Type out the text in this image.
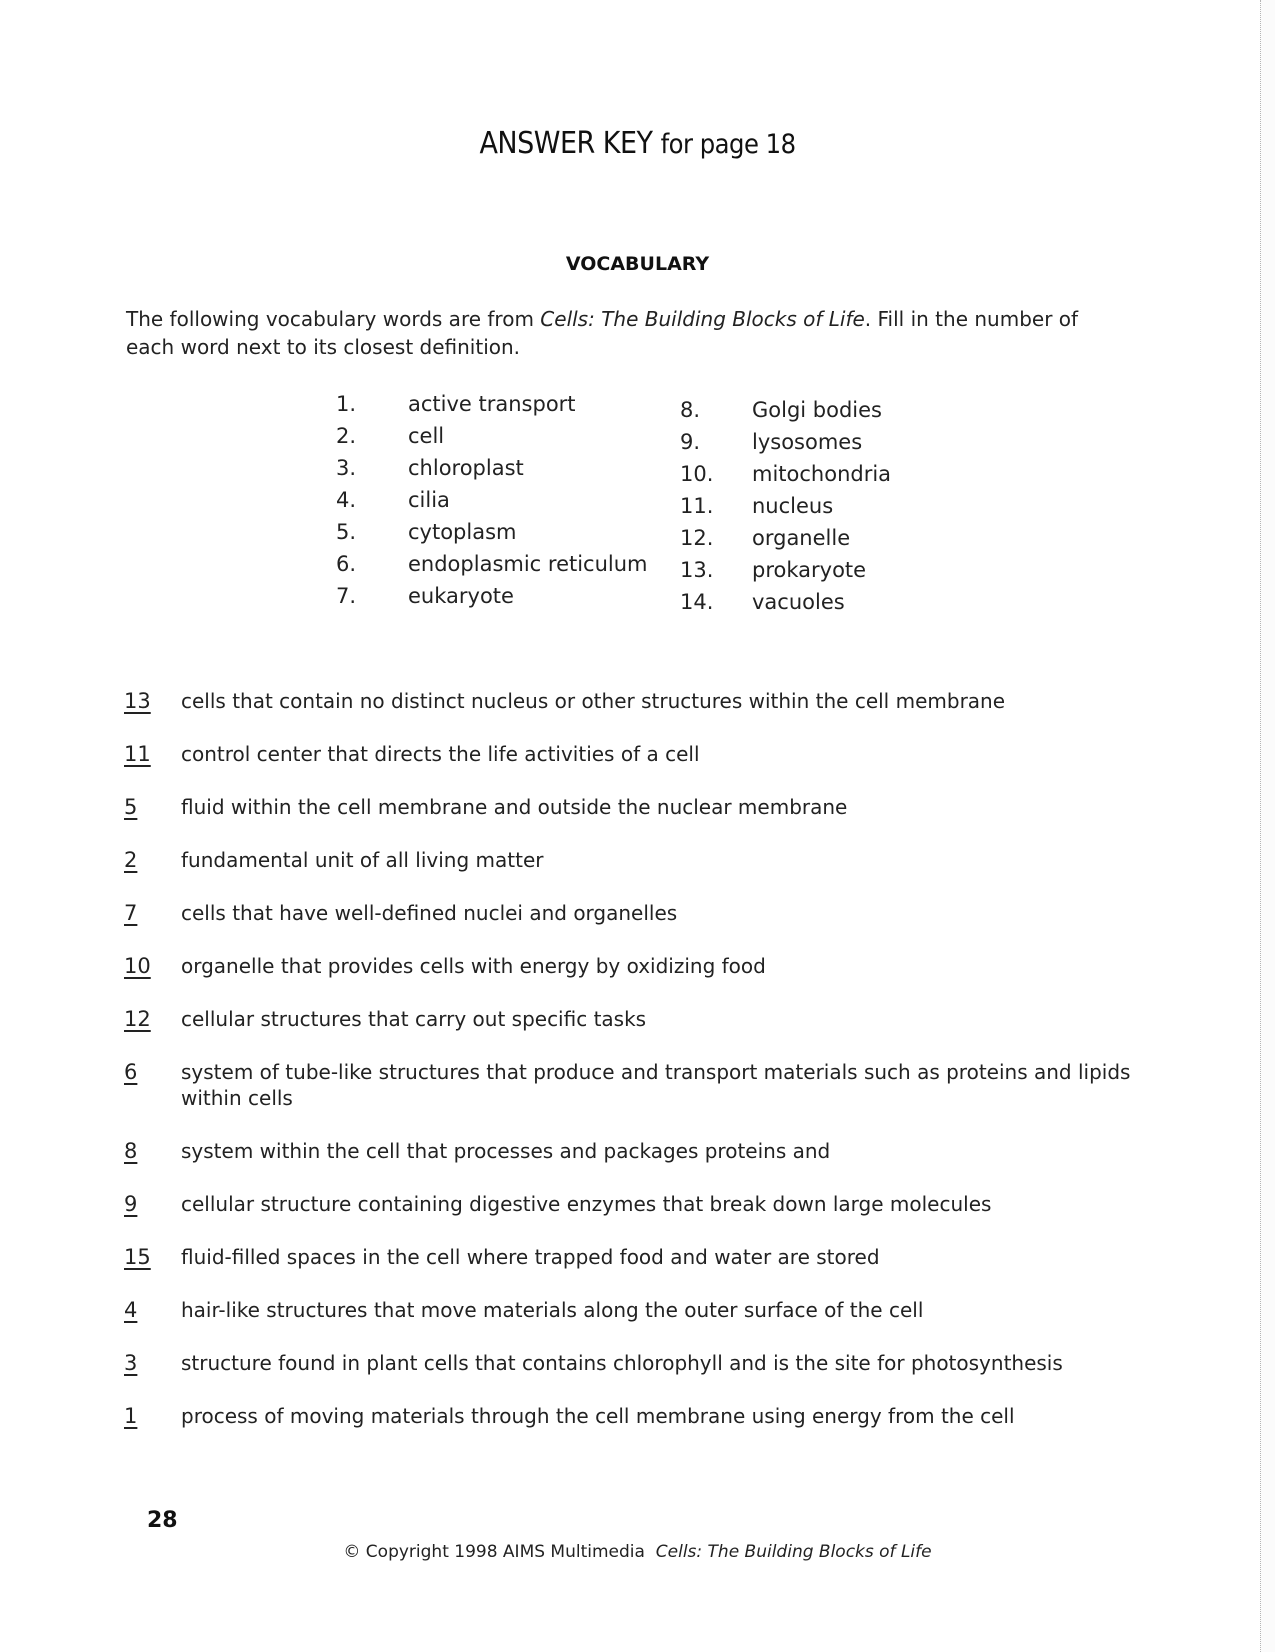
ANSWER KEY for page 18
VOCABULARY
The following vocabulary words are from Cells: The Building Blocks of Life. Fill in the number of each word next to its closest definition.
1. active transport
2. cell
3. chloroplast
4. cilia
5. cytoplasm
6. endoplasmic reticulum
7. eukaryote
8. Golgi bodies
9. lysosomes
10. mitochondria
11. nucleus
12. organelle
13. prokaryote
14. vacuoles
13	cells that contain no distinct nucleus or other structures within the cell membrane
11	control center that directs the life activities of a cell
5	fluid within the cell membrane and outside the nuclear membrane
2	fundamental unit of all living matter
7	cells that have well-defined nuclei and organelles
10	organelle that provides cells with energy by oxidizing food
12	cellular structures that carry out specific tasks
6	system of tube-like structures that produce and transport materials such as proteins and lipids within cells
8	system within the cell that processes and packages proteins and
9	cellular structure containing digestive enzymes that break down large molecules
15	fluid-filled spaces in the cell where trapped food and water are stored
4	hair-like structures that move materials along the outer surface of the cell
3	structure found in plant cells that contains chlorophyll and is the site for photosynthesis
1	process of moving materials through the cell membrane using energy from the cell
28
© Copyright 1998 AIMS Multimedia Cells: The Building Blocks of Life
